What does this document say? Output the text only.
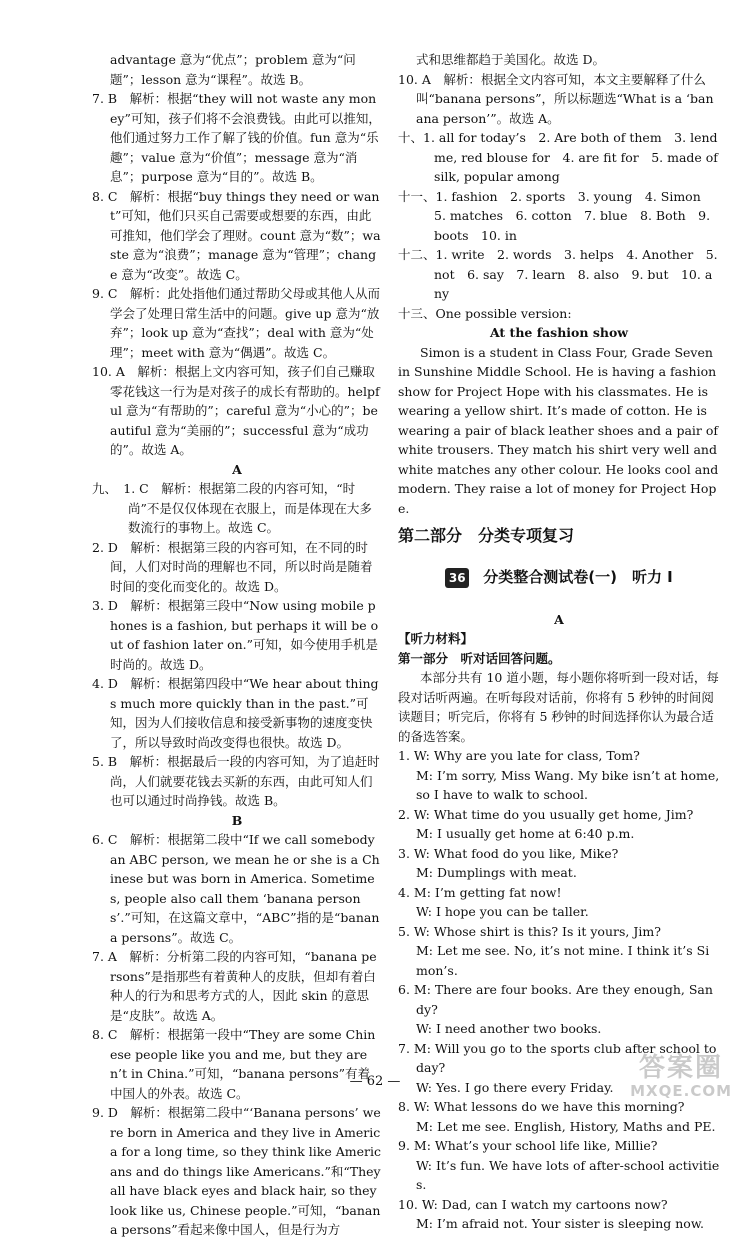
advantage 意为“优点”；problem 意为“问题”；lesson 意为“课程”。故选 B。

7. B　解析：根据“they will not waste any money”可知，孩子们将不会浪费钱。由此可以推知，他们通过努力工作了解了钱的价值。fun 意为“乐趣”；value 意为“价值”；message 意为“消息”；purpose 意为“目的”。故选 B。

8. C　解析：根据“buy things they need or want”可知，他们只买自己需要或想要的东西，由此可推知，他们学会了理财。count 意为“数”；waste 意为“浪费”；manage 意为“管理”；change 意为“改变”。故选 C。

9. C　解析：此处指他们通过帮助父母或其他人从而学会了处理日常生活中的问题。give up 意为“放弃”；look up 意为“查找”；deal with 意为“处理”；meet with 意为“偶遇”。故选 C。

10. A　解析：根据上文内容可知，孩子们自己赚取零花钱这一行为是对孩子的成长有帮助的。helpful 意为“有帮助的”；careful 意为“小心的”；beautiful 意为“美丽的”；successful 意为“成功的”。故选 A。

A

九、　1. C　解析：根据第二段的内容可知，“时尚”不是仅仅体现在衣服上，而是体现在大多数流行的事物上。故选 C。

2. D　解析：根据第三段的内容可知，在不同的时间，人们对时尚的理解也不同，所以时尚是随着时间的变化而变化的。故选 D。

3. D　解析：根据第三段中“Now using mobile phones is a fashion, but perhaps it will be out of fashion later on.”可知，如今使用手机是时尚的。故选 D。

4. D　解析：根据第四段中“We hear about things much more quickly than in the past.”可知，因为人们接收信息和接受新事物的速度变快了，所以导致时尚改变得也很快。故选 D。

5. B　解析：根据最后一段的内容可知，为了追赶时尚，人们就要花钱去买新的东西，由此可知人们也可以通过时尚挣钱。故选 B。

B

6. C　解析：根据第二段中“If we call somebody an ABC person, we mean he or she is a Chinese but was born in America. Sometimes, people also call them ‘banana persons’.”可知，在这篇文章中，“ABC”指的是“banana persons”。故选 C。

7. A　解析：分析第二段的内容可知，“banana persons”是指那些有着黄种人的皮肤，但却有着白种人的行为和思考方式的人，因此 skin 的意思是“皮肤”。故选 A。

8. C　解析：根据第一段中“They are some Chinese people like you and me, but they aren’t in China.”可知，“banana persons”有着中国人的外表。故选 C。

9. D　解析：根据第二段中“‘Banana persons’ were born in America and they live in America for a long time, so they think like Americans and do things like Americans.”和“They all have black eyes and black hair, so they look like us, Chinese people.”可知，“banana persons”看起来像中国人，但是行为方

式和思维都趋于美国化。故选 D。

10. A　解析：根据全文内容可知，本文主要解释了什么叫“banana persons”，所以标题选“What is a ‘banana person’”。故选 A。

十、1. all for today’s　2. Are both of them　3. lend me, red blouse for　4. are fit for　5. made of silk, popular among

十一、1. fashion　2. sports　3. young　4. Simon　5. matches　6. cotton　7. blue　8. Both　9. boots　10. in

十二、1. write　2. words　3. helps　4. Another　5. not　6. say　7. learn　8. also　9. but　10. any

十三、One possible version:

At the fashion show

Simon is a student in Class Four, Grade Seven in Sunshine Middle School. He is having a fashion show for Project Hope with his classmates. He is wearing a yellow shirt. It’s made of cotton. He is wearing a pair of black leather shoes and a pair of white trousers. They match his shirt very well and white matches any other colour. He looks cool and modern. They raise a lot of money for Project Hope.

第二部分　分类专项复习
36 分类整合测试卷(一)　听力 I

A

【听力材料】

第一部分　听对话回答问题。

本部分共有 10 道小题，每小题你将听到一段对话，每段对话听两遍。在听每段对话前，你将有 5 秒钟的时间阅读题目；听完后，你将有 5 秒钟的时间选择你认为最合适的备选答案。

1. W: Why are you late for class, Tom?

M: I’m sorry, Miss Wang. My bike isn’t at home, so I have to walk to school.

2. W: What time do you usually get home, Jim?

M: I usually get home at 6:40 p.m.

3. W: What food do you like, Mike?

M: Dumplings with meat.

4. M: I’m getting fat now!

W: I hope you can be taller.

5. W: Whose shirt is this? Is it yours, Jim?

M: Let me see. No, it’s not mine. I think it’s Simon’s.

6. M: There are four books. Are they enough, Sandy?

W: I need another two books.

7. M: Will you go to the sports club after school today?

W: Yes. I go there every Friday.

8. W: What lessons do we have this morning?

M: Let me see. English, History, Maths and PE.

9. M: What’s your school life like, Millie?

W: It’s fun. We have lots of after-school activities.

10. W: Dad, can I watch my cartoons now?

M: I’m afraid not. Your sister is sleeping now.

— 62 —	答案圈
MXQE.COM
